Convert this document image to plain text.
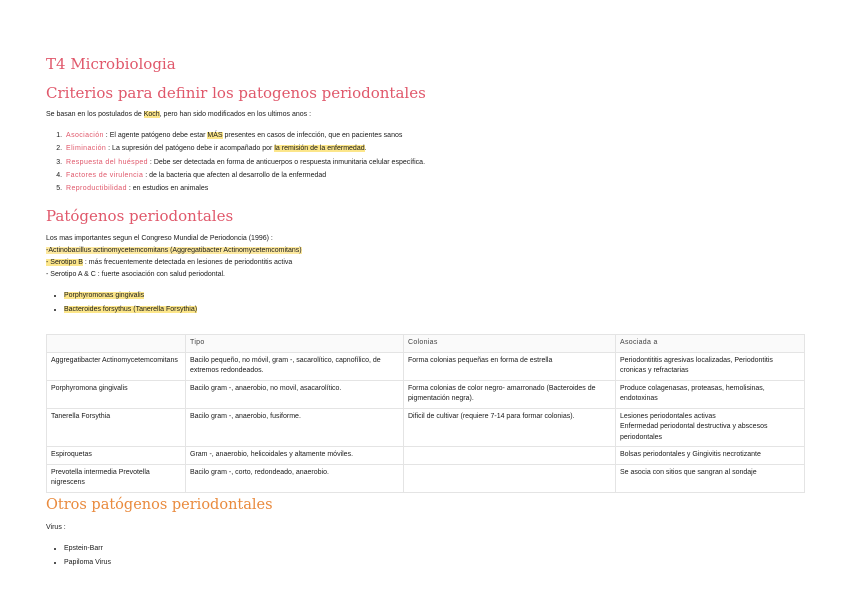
T4 Microbiologia
Criterios para definir los patogenos periodontales
Se basan en los postulados de Koch, pero han sido modificados en los ultimos anos :
1. Asociación : El agente patógeno debe estar MÁS presentes en casos de infección, que en pacientes sanos
2. Eliminación : La supresión del patógeno debe ir acompañado por la remisión de la enfermedad.
3. Respuesta del huésped : Debe ser detectada en forma de anticuerpos o respuesta inmunitaria celular específica.
4. Factores de virulencia : de la bacteria que afecten al desarrollo de la enfermedad
5. Reproductibilidad : en estudios en animales
Patógenos periodontales
Los mas importantes segun el Congreso Mundial de Periodoncia (1996) :
-Actinobacillus actinomycetemcomitans (Aggregatibacter Actinomycetemcomitans)
- Serotipo B : más frecuentemente detectada en lesiones de periodontitis activa
- Serotipo A & C : fuerte asociación con salud periodontal.
• Porphyromonas gingivalis
• Bacteroides forsythus (Tanerella Forsythia)
	Tipo	Colonias	Asociada a
Aggregatibacter Actinomycetemcomitans	Bacilo pequeño, no móvil, gram -, sacarolítico, capnofílico, de extremos redondeados.	Forma colonias pequeñas en forma de estrella	Periodontititis agresivas localizadas, Periodontitis cronicas y refractarias
Porphyromona gingivalis	Bacilo gram -, anaerobio, no movil, asacarolítico.	Forma colonias de color negro- amarronado (Bacteroides de pigmentación negra).	Produce colagenasas, proteasas, hemolisinas, endotoxinas
Tanerella Forsythia	Bacilo gram -, anaerobio, fusiforme.	Dificil de cultivar (requiere 7-14 para formar colonias).	Lesiones periodontales activas
Enfermedad periodontal destructiva y abscesos periodontales

Espiroquetas	Gram -, anaerobio, helicoidales y altamente móviles.		Bolsas periodontales y Gingivitis necrotizante
Prevotella intermedia Prevotella nigrescens	Bacilo gram -, corto, redondeado, anaerobio.		Se asocia con sitios que sangran al sondaje
Otros patógenos periodontales
Virus :
• Epstein-Barr
• Papiloma Virus
